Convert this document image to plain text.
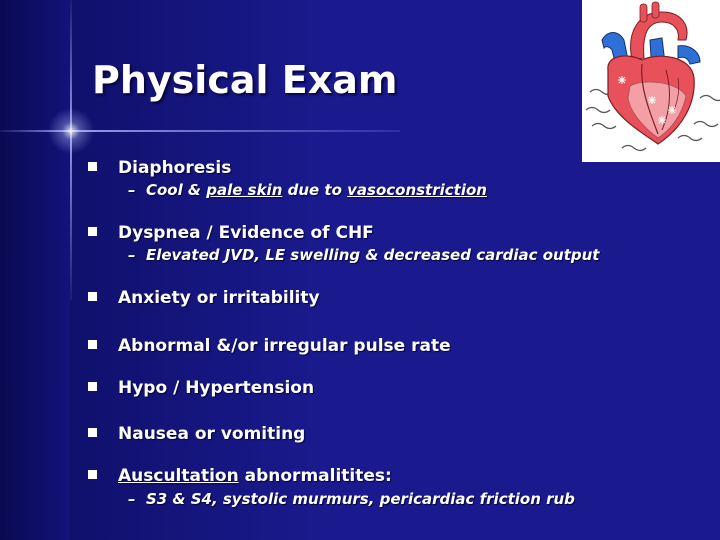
Physical Exam
Diaphoresis
– Cool & pale skin due to vasoconstriction
Dyspnea / Evidence of CHF
– Elevated JVD, LE swelling & decreased cardiac output
Anxiety or irritability
Abnormal &/or irregular pulse rate
Hypo / Hypertension
Nausea or vomiting
Auscultation abnormalitites:
– S3 & S4, systolic murmurs, pericardiac friction rub
